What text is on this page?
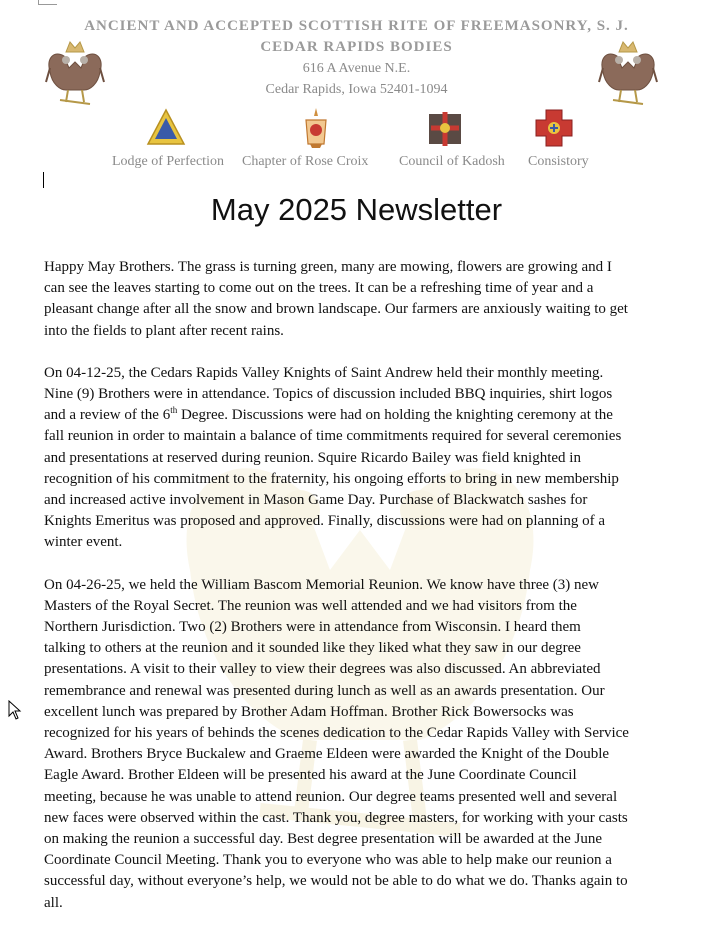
ANCIENT AND ACCEPTED SCOTTISH RITE OF FREEMASONRY, S. J.
CEDAR RAPIDS BODIES
616 A Avenue N.E.
Cedar Rapids, Iowa 52401-1094
Lodge of Perfection Chapter of Rose Croix Council of Kadosh Consistory
May 2025 Newsletter

Happy May Brothers. The grass is turning green, many are mowing, flowers are growing and I
can see the leaves starting to come out on the trees. It can be a refreshing time of year and a
pleasant change after all the snow and brown landscape. Our farmers are anxiously waiting to get
into the fields to plant after recent rains.

On 04-12-25, the Cedars Rapids Valley Knights of Saint Andrew held their monthly meeting.
Nine (9) Brothers were in attendance. Topics of discussion included BBQ inquiries, shirt logos
and a review of the 6th Degree. Discussions were had on holding the knighting ceremony at the
fall reunion in order to maintain a balance of time commitments required for several ceremonies
and presentations at reserved during reunion. Squire Ricardo Bailey was field knighted in
recognition of his commitment to the fraternity, his ongoing efforts to bring in new membership
and increased active involvement in Mason Game Day. Purchase of Blackwatch sashes for
Knights Emeritus was proposed and approved. Finally, discussions were had on planning of a
winter event.

On 04-26-25, we held the William Bascom Memorial Reunion. We know have three (3) new
Masters of the Royal Secret. The reunion was well attended and we had visitors from the
Northern Jurisdiction. Two (2) Brothers were in attendance from Wisconsin. I heard them
talking to others at the reunion and it sounded like they liked what they saw in our degree
presentations. A visit to their valley to view their degrees was also discussed. An abbreviated
remembrance and renewal was presented during lunch as well as an awards presentation. Our
excellent lunch was prepared by Brother Adam Hoffman. Brother Rick Bowersocks was
recognized for his years of behinds the scenes dedication to the Cedar Rapids Valley with Service
Award. Brothers Bryce Buckalew and Graeme Eldeen were awarded the Knight of the Double
Eagle Award. Brother Eldeen will be presented his award at the June Coordinate Council
meeting, because he was unable to attend reunion. Our degree teams presented well and several
new faces were observed within the cast. Thank you, degree masters, for working with your casts
on making the reunion a successful day. Best degree presentation will be awarded at the June
Coordinate Council Meeting. Thank you to everyone who was able to help make our reunion a
successful day, without everyone’s help, we would not be able to do what we do. Thanks again to
all.
